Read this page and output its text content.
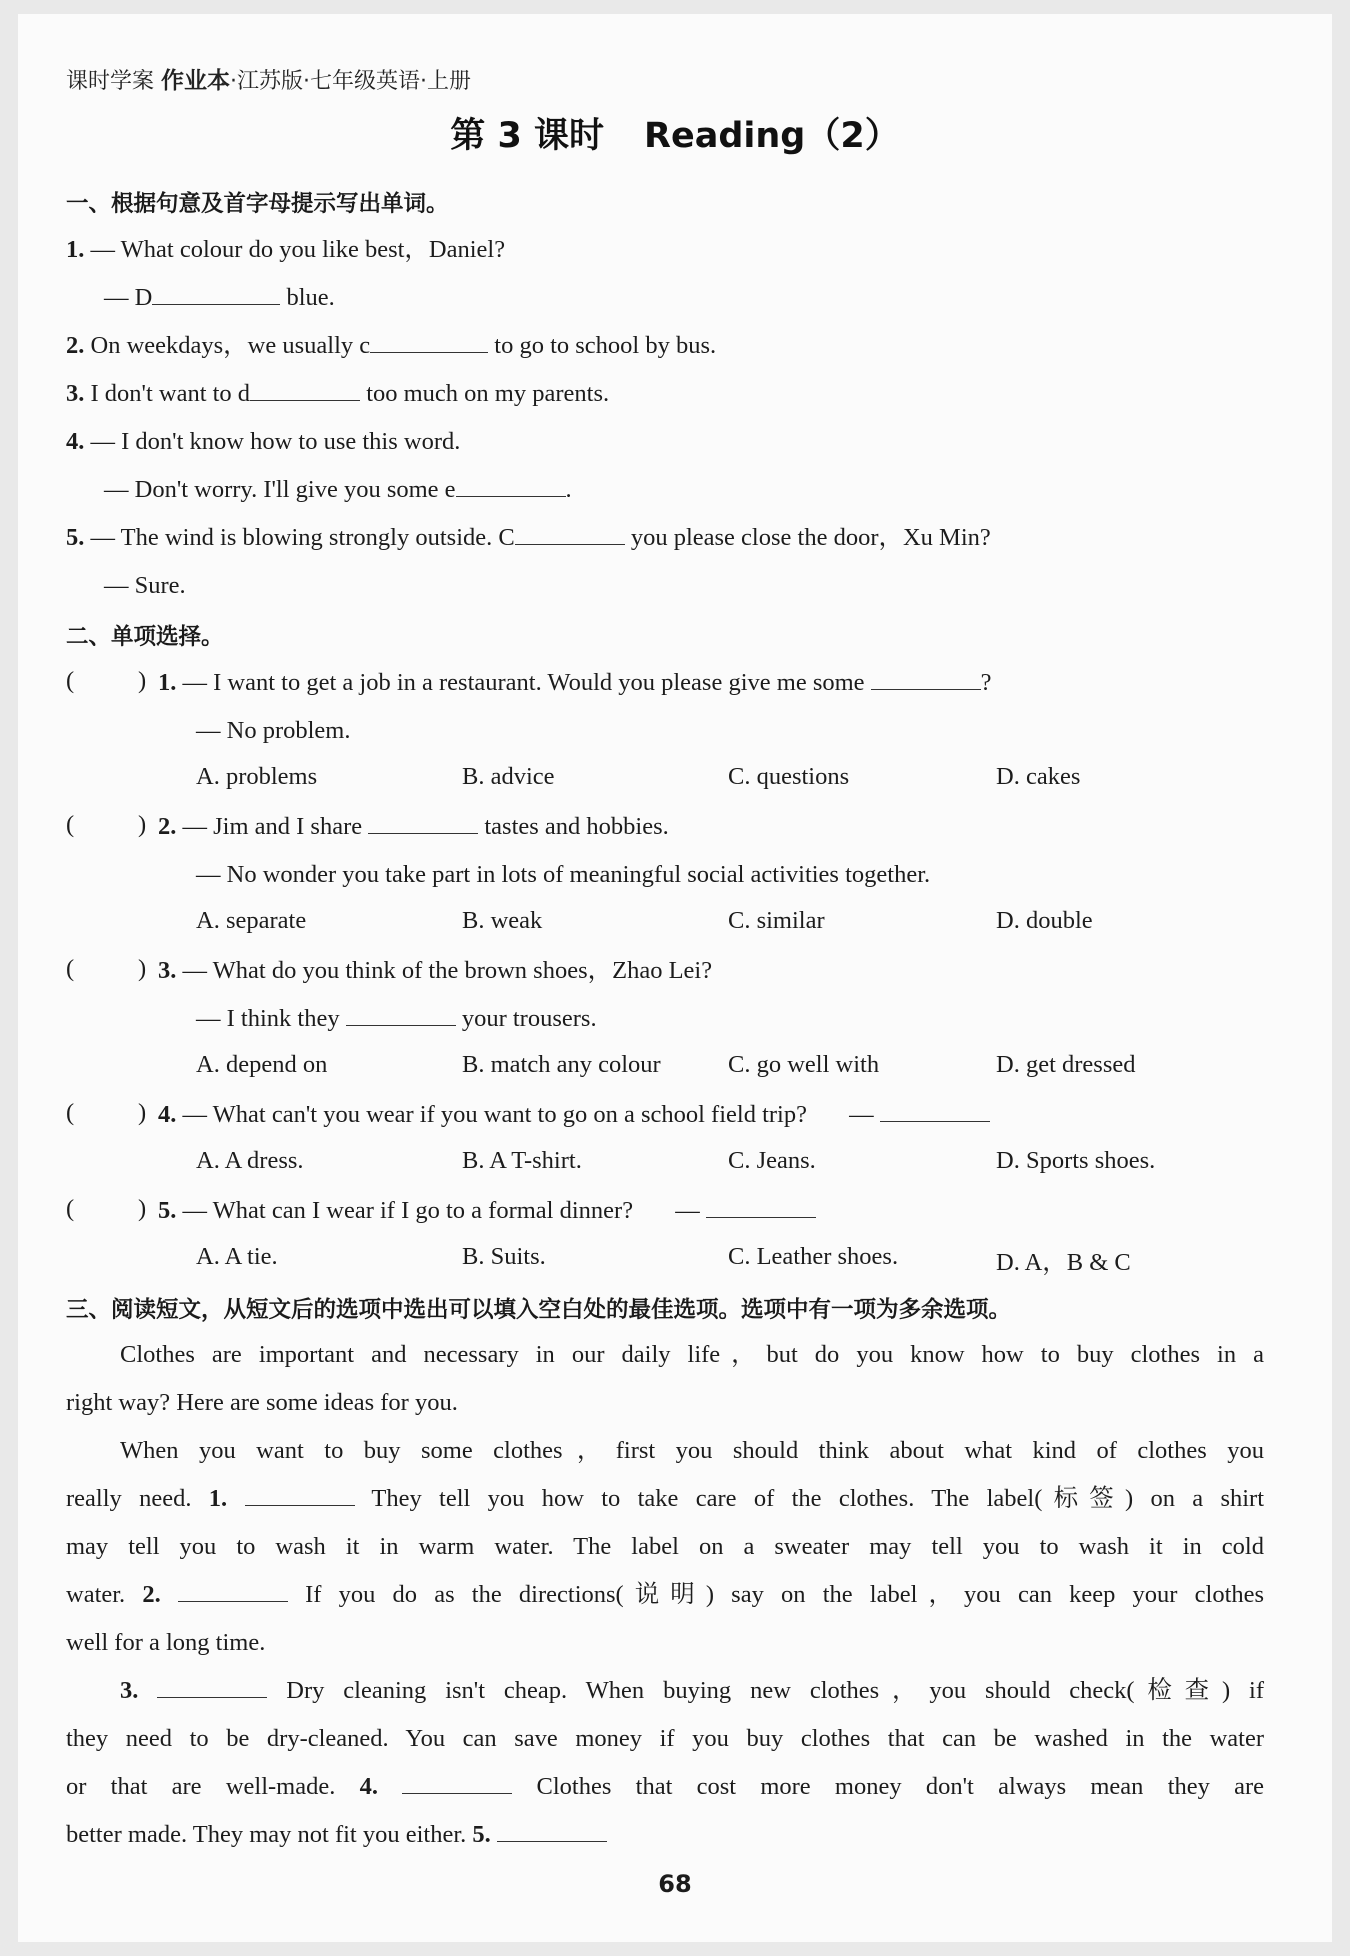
课时学案 作业本·江苏版·七年级英语·上册
第 3 课时 Reading（2）
一、根据句意及首字母提示写出单词。
1. — What colour do you like best，Daniel?
— D	blue.
2. On weekdays，we usually c	to go to school by bus.
3. I don't want to d	too much on my parents.
4. — I don't know how to use this word.
— Don't worry. I'll give you some e	.
5. — The wind is blowing strongly outside. C	you please close the door，Xu Min?
— Sure.
二、单项选择。
(	) 1. — I want to get a job in a restaurant. Would you please give me some	?
— No problem.
A. problems	B. advice	C. questions	D. cakes
(	) 2. — Jim and I share	tastes and hobbies.
— No wonder you take part in lots of meaningful social activities together.
A. separate	B. weak	C. similar	D. double
(	) 3. — What do you think of the brown shoes，Zhao Lei?
— I think they	your trousers.
A. depend on	B. match any colour	C. go well with	D. get dressed
(	) 4. — What can't you wear if you want to go on a school field trip? —
A. A dress.	B. A T-shirt.	C. Jeans.	D. Sports shoes.
(	) 5. — What can I wear if I go to a formal dinner? —
A. A tie.	B. Suits.	C. Leather shoes.	D. A，B & C
三、阅读短文，从短文后的选项中选出可以填入空白处的最佳选项。选项中有一项为多余选项。
Clothes are important and necessary in our daily life，but do you know how to buy clothes in a
right way? Here are some ideas for you.
When you want to buy some clothes，first you should think about what kind of clothes you
really need. 1.	They tell you how to take care of the clothes. The label(标签) on a shirt
may tell you to wash it in warm water. The label on a sweater may tell you to wash it in cold
water. 2.	If you do as the directions(说明) say on the label，you can keep your clothes
well for a long time.
3.	Dry cleaning isn't cheap. When buying new clothes，you should check(检查) if
they need to be dry-cleaned. You can save money if you buy clothes that can be washed in the water
or that are well-made. 4.	Clothes that cost more money don't always mean they are
better made. They may not fit you either. 5.
68
